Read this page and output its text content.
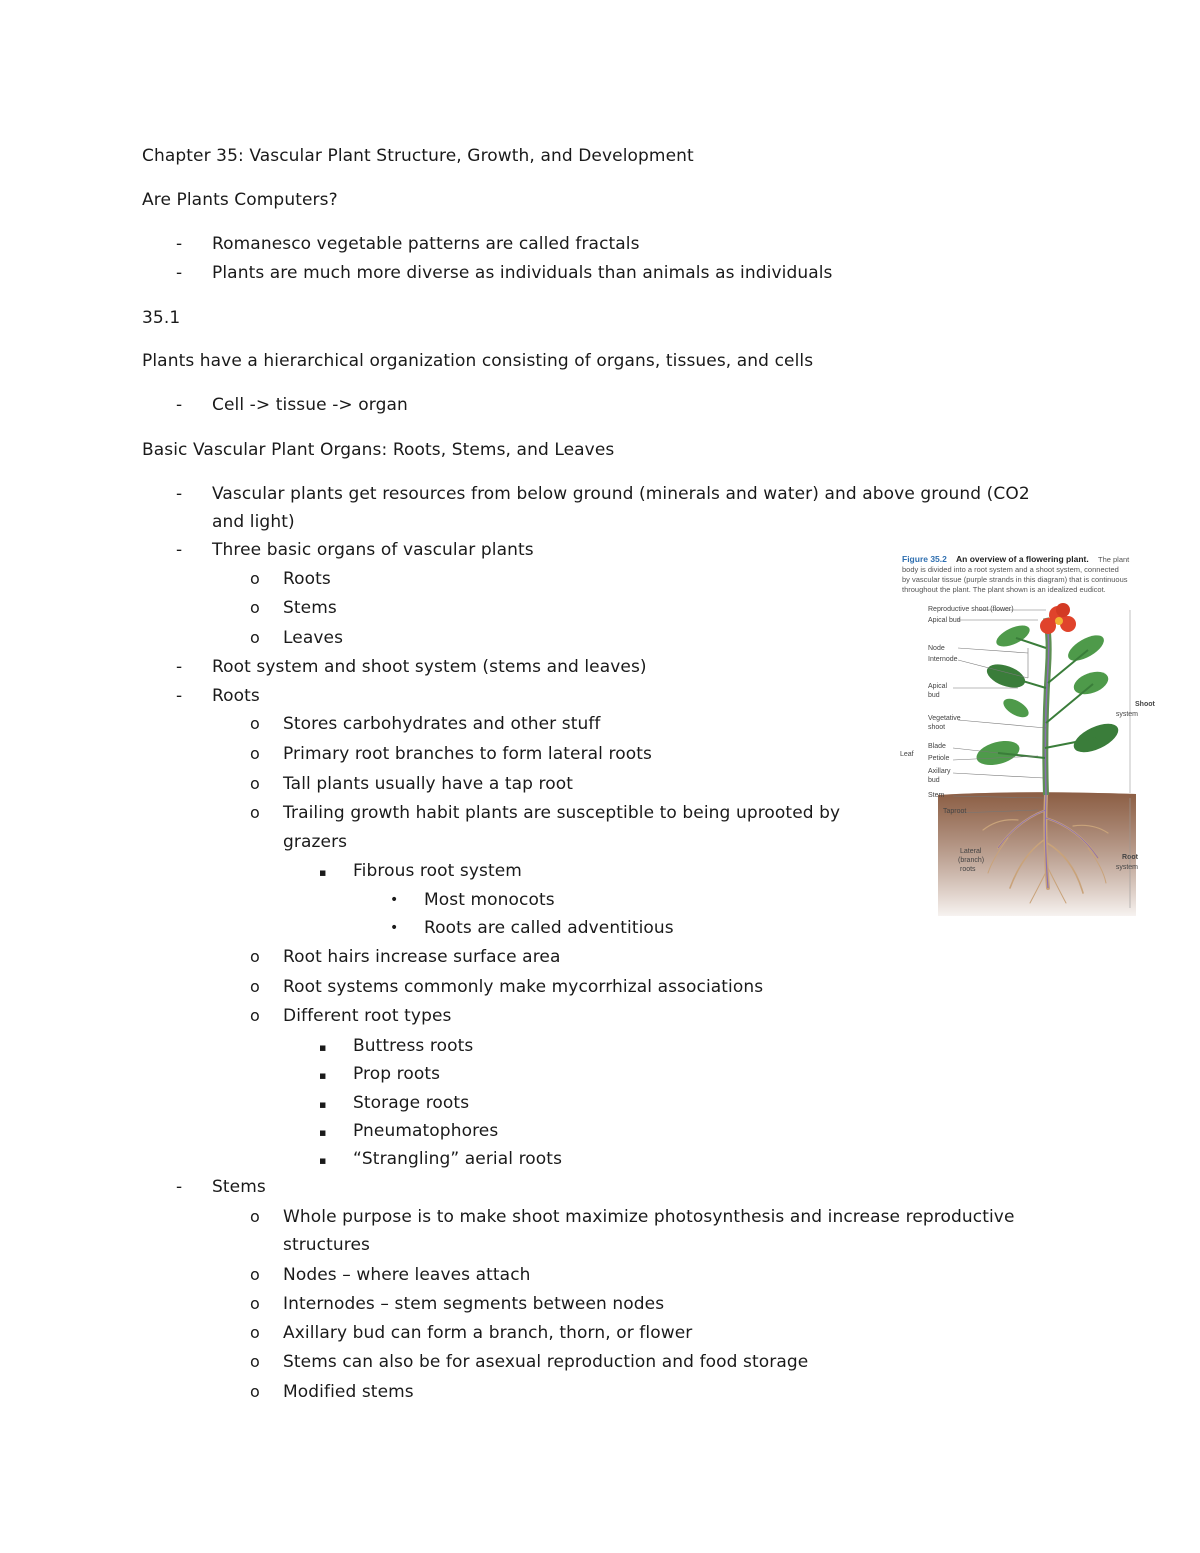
Chapter 35: Vascular Plant Structure, Growth, and Development
Are Plants Computers?
- Romanesco vegetable patterns are called fractals
- Plants are much more diverse as individuals than animals as individuals
35.1
Plants have a hierarchical organization consisting of organs, tissues, and cells
- Cell -> tissue -> organ
Basic Vascular Plant Organs: Roots, Stems, and Leaves
- Vascular plants get resources from below ground (minerals and water) and above ground (CO2
and light)
- Three basic organs of vascular plants
o Roots
o Stems
o Leaves
- Root system and shoot system (stems and leaves)
- Roots
o Stores carbohydrates and other stuff
o Primary root branches to form lateral roots
o Tall plants usually have a tap root
o Trailing growth habit plants are susceptible to being uprooted by
grazers
▪ Fibrous root system
• Most monocots
• Roots are called adventitious
o Root hairs increase surface area
o Root systems commonly make mycorrhizal associations
o Different root types
▪ Buttress roots
▪ Prop roots
▪ Storage roots
▪ Pneumatophores
▪ “Strangling” aerial roots
- Stems
o Whole purpose is to make shoot maximize photosynthesis and increase reproductive
structures
o Nodes – where leaves attach
o Internodes – stem segments between nodes
o Axillary bud can form a branch, thorn, or flower
o Stems can also be for asexual reproduction and food storage
o Modified stems
Figure 35.2 An overview of a flowering plant. The plant
body is divided into a root system and a shoot system, connected
by vascular tissue (purple strands in this diagram) that is continuous
throughout the plant. The plant shown is an idealized eudicot.
Reproductive shoot (flower)
Apical bud
Node
Internode
Apical
bud
Vegetative
shoot
Leaf
Blade
Petiole
Axillary
bud
Stem
Taproot
Lateral
(branch)
roots
Shoot
system
Root
system
